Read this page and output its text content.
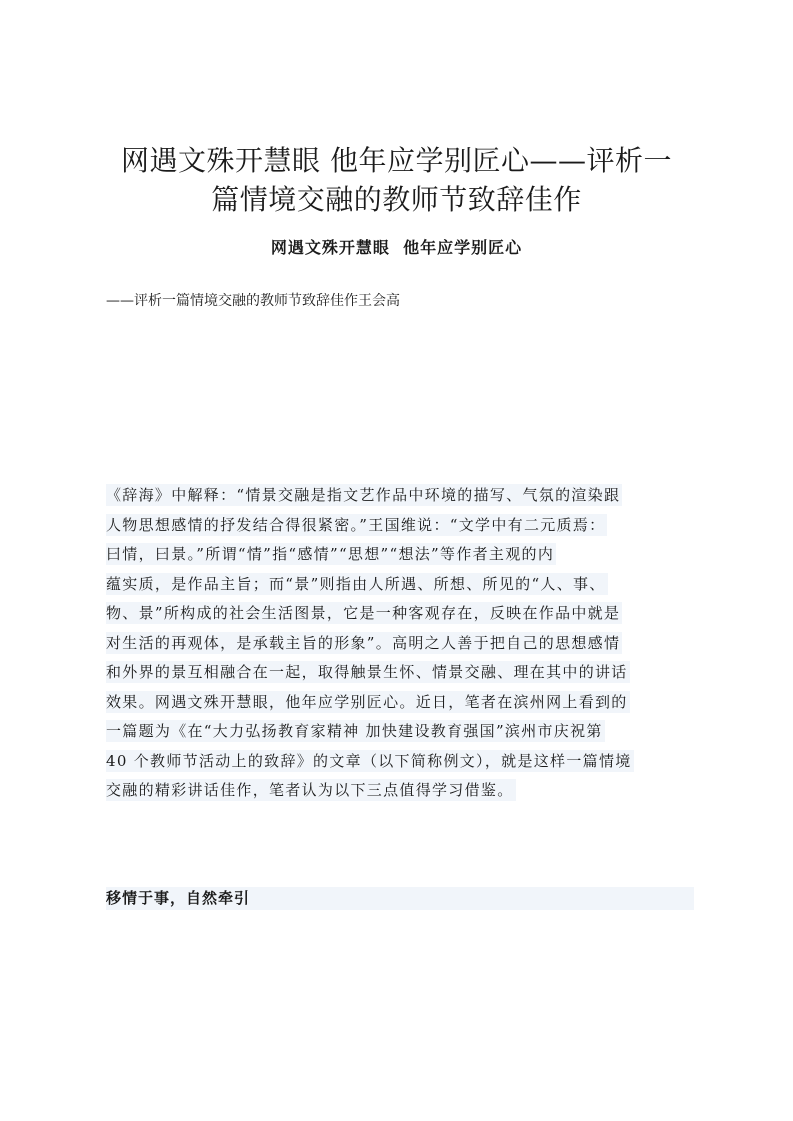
网遇文殊开慧眼 他年应学别匠心——评析一
篇情境交融的教师节致辞佳作
网遇文殊开慧眼  他年应学别匠心

——评析一篇情境交融的教师节致辞佳作王会高

《辞海》中解释：“情景交融是指文艺作品中环境的描写、气氛的渲染跟
人物思想感情的抒发结合得很紧密。”王国维说：“文学中有二元质焉：
曰情，曰景。”所谓“情”指“感情”“思想”“想法”等作者主观的内
蕴实质，是作品主旨；而“景”则指由人所遇、所想、所见的“人、事、
物、景”所构成的社会生活图景，它是一种客观存在，反映在作品中就是
对生活的再观体，是承载主旨的形象”。高明之人善于把自己的思想感情
和外界的景互相融合在一起，取得触景生怀、情景交融、理在其中的讲话
效果。网遇文殊开慧眼，他年应学别匠心。近日，笔者在滨州网上看到的
一篇题为《在“大力弘扬教育家精神 加快建设教育强国”滨州市庆祝第
40 个教师节活动上的致辞》的文章（以下简称例文），就是这样一篇情境
交融的精彩讲话佳作，笔者认为以下三点值得学习借鉴。
移情于事，自然牵引
